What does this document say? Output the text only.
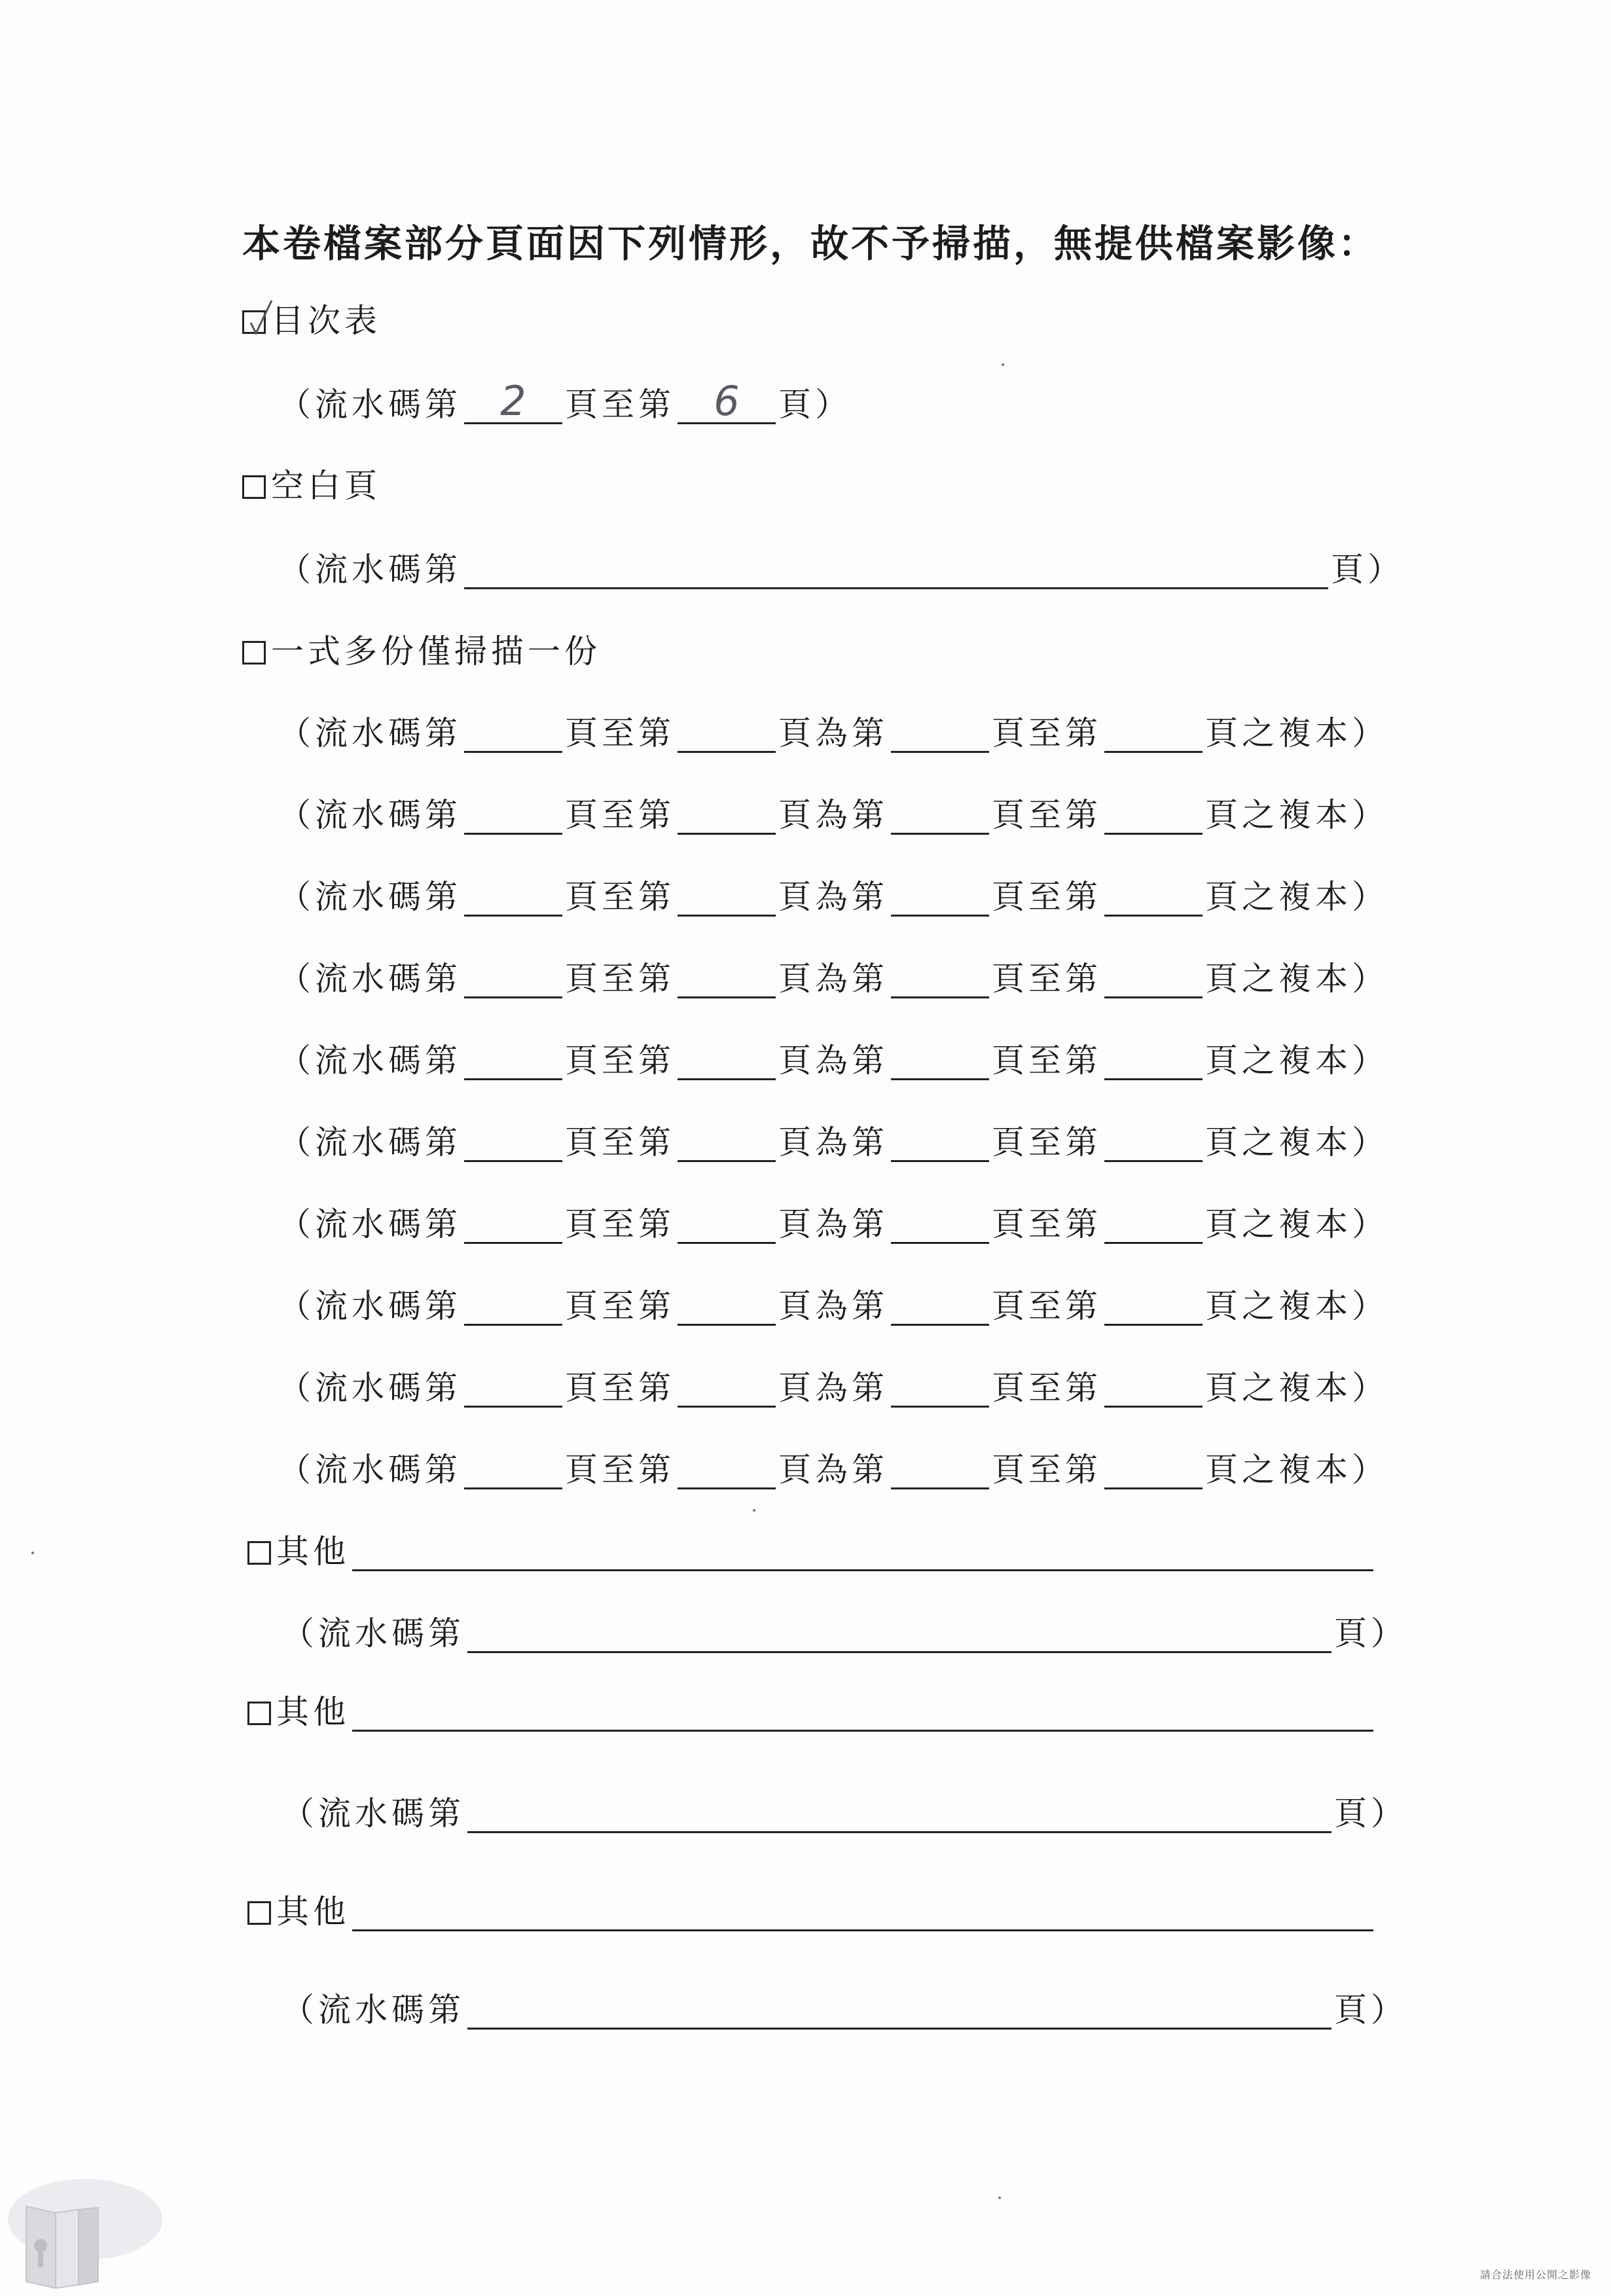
本卷檔案部分頁面因下列情形，故不予掃描，無提供檔案影像：
目次表
（流水碼第 2	頁至第 6	頁）
空白頁
（流水碼第	頁）
一式多份僅掃描一份
（流水碼第	頁至第	頁為第	頁至第	頁之複本）
（流水碼第	頁至第	頁為第	頁至第	頁之複本）
（流水碼第	頁至第	頁為第	頁至第	頁之複本）
（流水碼第	頁至第	頁為第	頁至第	頁之複本）
（流水碼第	頁至第	頁為第	頁至第	頁之複本）
（流水碼第	頁至第	頁為第	頁至第	頁之複本）
（流水碼第	頁至第	頁為第	頁至第	頁之複本）
（流水碼第	頁至第	頁為第	頁至第	頁之複本）
（流水碼第	頁至第	頁為第	頁至第	頁之複本）
（流水碼第	頁至第	頁為第	頁至第	頁之複本）
其他
（流水碼第	頁）
其他
（流水碼第	頁）
其他
（流水碼第	頁）
請合法使用公開之影像
